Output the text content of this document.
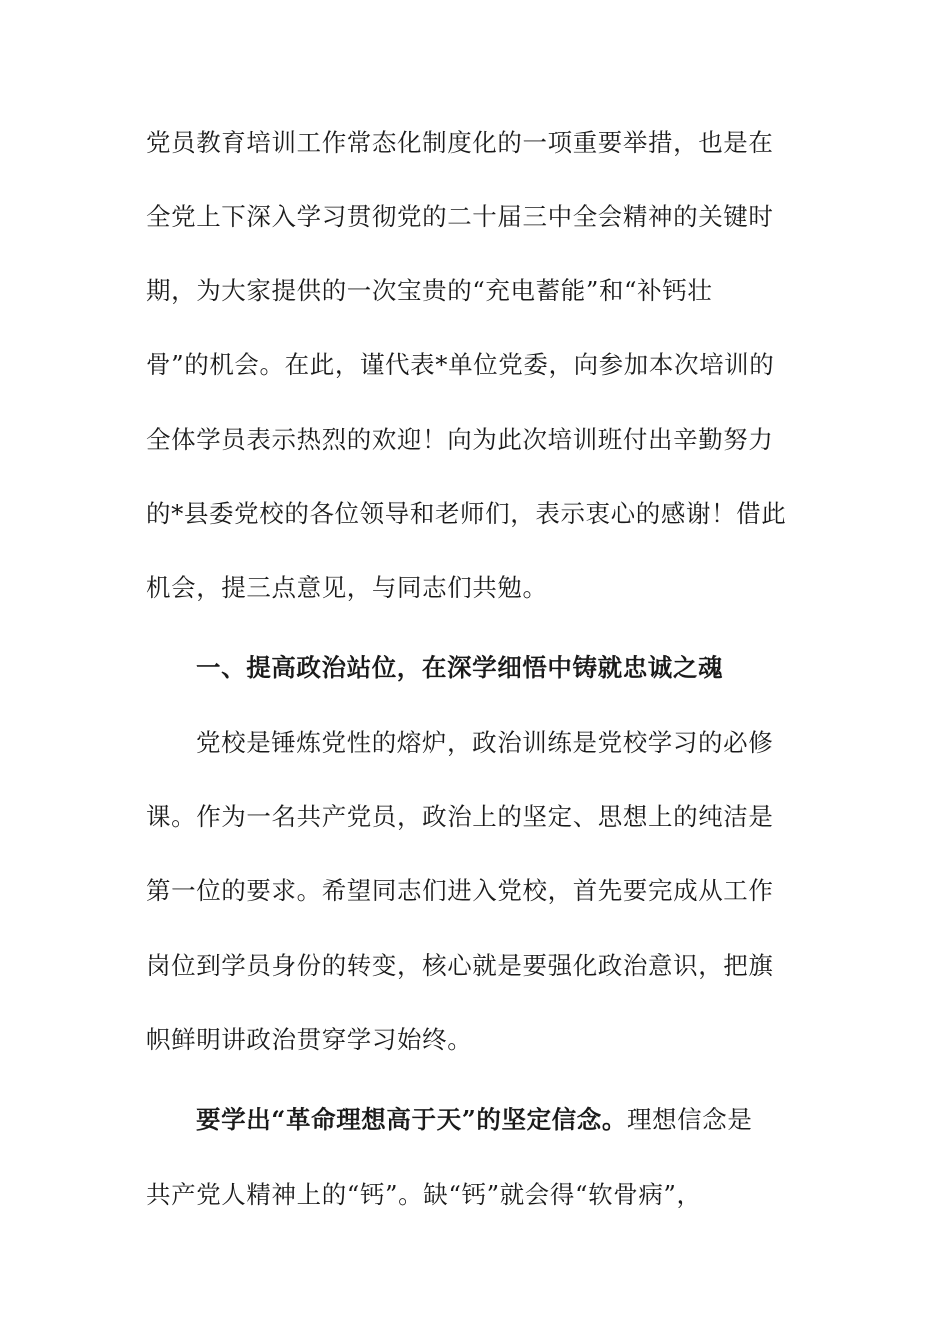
党员教育培训工作常态化制度化的一项重要举措，也是在
全党上下深入学习贯彻党的二十届三中全会精神的关键时
期，为大家提供的一次宝贵的“充电蓄能”和“补钙壮
骨”的机会。在此，谨代表*单位党委，向参加本次培训的
全体学员表示热烈的欢迎！向为此次培训班付出辛勤努力
的*县委党校的各位领导和老师们，表示衷心的感谢！借此
机会，提三点意见，与同志们共勉。
一、提高政治站位，在深学细悟中铸就忠诚之魂
党校是锤炼党性的熔炉，政治训练是党校学习的必修
课。作为一名共产党员，政治上的坚定、思想上的纯洁是
第一位的要求。希望同志们进入党校，首先要完成从工作
岗位到学员身份的转变，核心就是要强化政治意识，把旗
帜鲜明讲政治贯穿学习始终。
要学出“革命理想高于天”的坚定信念。理想信念是
共产党人精神上的“钙”。缺“钙”就会得“软骨病”，
